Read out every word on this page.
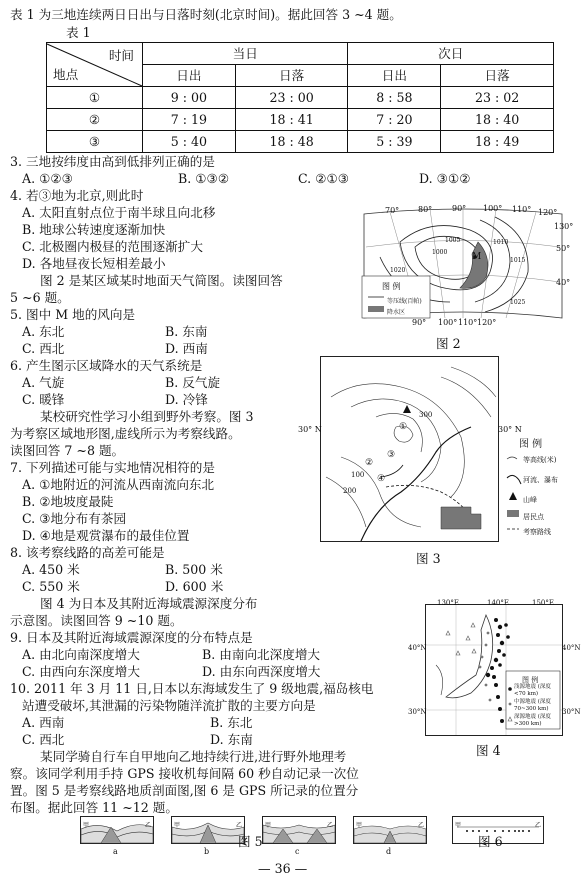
表 1 为三地连续两日日出与日落时刻(北京时间)。据此回答 3 ~4 题。
表 1
时间
地点	当日		次日	
	日出	日落	日出	日落
①	9 : 00	23 : 00	8 : 58	23 : 02
②	7 : 19	18 : 41	7 : 20	18 : 40
③	5 : 40	18 : 48	5 : 39	18 : 49
3. 三地按纬度由高到低排列正确的是
A. ①②③	B. ①③②	C. ②①③	D. ③①②
4. 若③地为北京,则此时
A. 太阳直射点位于南半球且向北移
B. 地球公转速度逐渐加快
C. 北极圈内极昼的范围逐渐扩大
D. 各地昼夜长短相差最小
图 2 是某区域某时地面天气简图。读图回答
5 ~6 题。
5. 图中 M 地的风向是
A. 东北	B. 东南
C. 西北	D. 西南
6. 产生图示区域降水的天气系统是
A. 气旋	B. 反气旋
C. 暖锋	D. 冷锋
某校研究性学习小组到野外考察。图 3
为考察区域地形图,虚线所示为考察线路。
读图回答 7 ~8 题。
7. 下列描述可能与实地情况相符的是
A. ①地附近的河流从西南流向东北
B. ②地坡度最陡
C. ③地分布有茶园
D. ④地是观赏瀑布的最佳位置
8. 该考察线路的高差可能是
A. 450 米	B. 500 米
C. 550 米	D. 600 米
图 4 为日本及其附近海域震源深度分布
示意图。读图回答 9 ~10 题。
9. 日本及其附近海域震源深度的分布特点是
A. 由北向南深度增大	B. 由南向北深度增大
C. 由西向东深度增大	D. 由东向西深度增大
10. 2011 年 3 月 11 日,日本以东海域发生了 9 级地震,福岛核电
站遭受破坏,其泄漏的污染物随洋流扩散的主要方向是
A. 西南	B. 东北
C. 西北	D. 东南
某同学骑自行车自甲地向乙地持续行进,进行野外地理考
察。该同学利用手持 GPS 接收机每间隔 60 秒自动记录一次位
置。图 5 是考察线路地质剖面图,图 6 是 GPS 所记录的位置分
布图。据此回答 11 ~12 题。
M
70° 80° 90° 100° 110° 120°
130°
50°
40°
90° 100° 110° 120°
1000
1005	1010
1015
1020
1025
图 例
等压线(百帕)
降水区
图 2
①
②
③
④
100
200
300
30° N	30° N
图 例
等高线(米)
河流、瀑布
山峰
居民点
考察路线
图 3
图 例
浅源地震 (深度<70 km)
中源地震 (深度70~300 km)
深源地震 (深度>300 km)
130°E	140°E	150°E
40°N
30°N
40°N
30°N
图 4
甲	乙
a
甲	乙
b
甲	乙
c
甲	乙
d
图 5
甲	乙
图 6
— 36 —
